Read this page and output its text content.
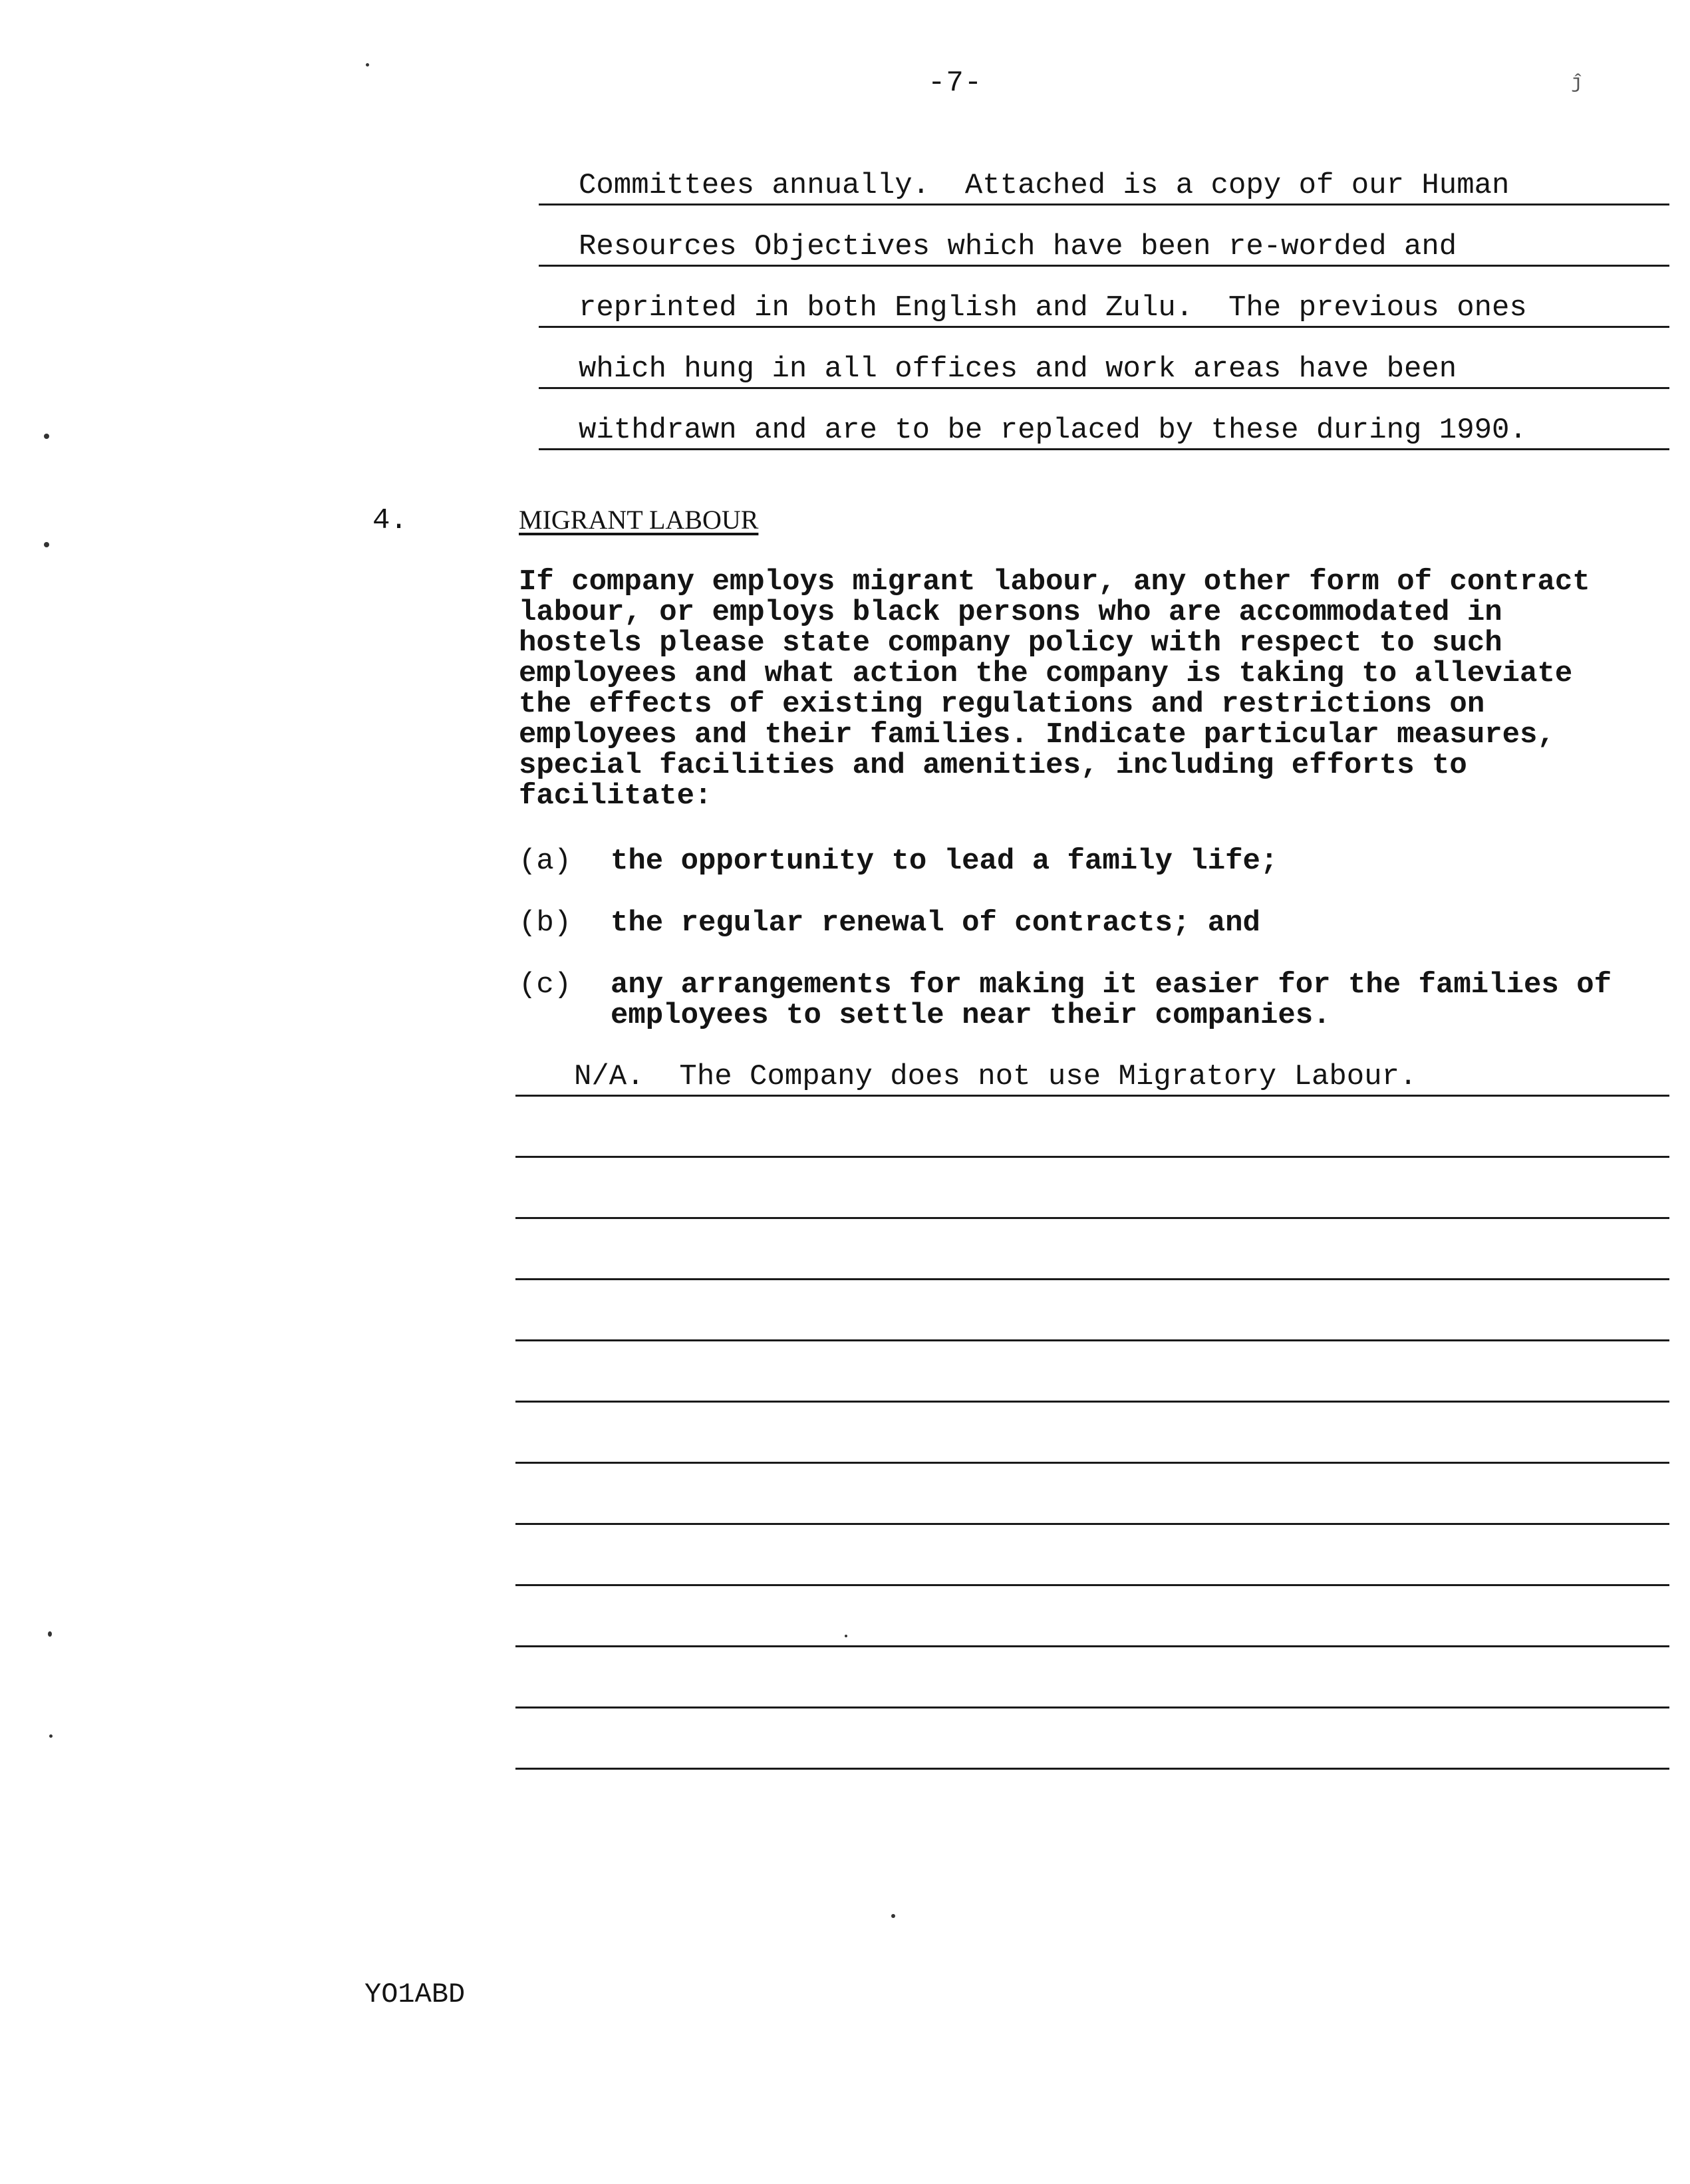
-7-	ĵ
Committees annually.  Attached is a copy of our Human
Resources Objectives which have been re-worded and
reprinted in both English and Zulu.  The previous ones
which hung in all offices and work areas have been
withdrawn and are to be replaced by these during 1990.
4.	MIGRANT LABOUR
If company employs migrant labour, any other form of contract
labour, or employs black persons who are accommodated in
hostels please state company policy with respect to such
employees and what action the company is taking to alleviate
the effects of existing regulations and restrictions on
employees and their families. Indicate particular measures,
special facilities and amenities, including efforts to
facilitate:
(a) the opportunity to lead a family life;
(b) the regular renewal of contracts; and
(c) any arrangements for making it easier for the families of
employees to settle near their companies.
N/A.  The Company does not use Migratory Labour.
YO1ABD
